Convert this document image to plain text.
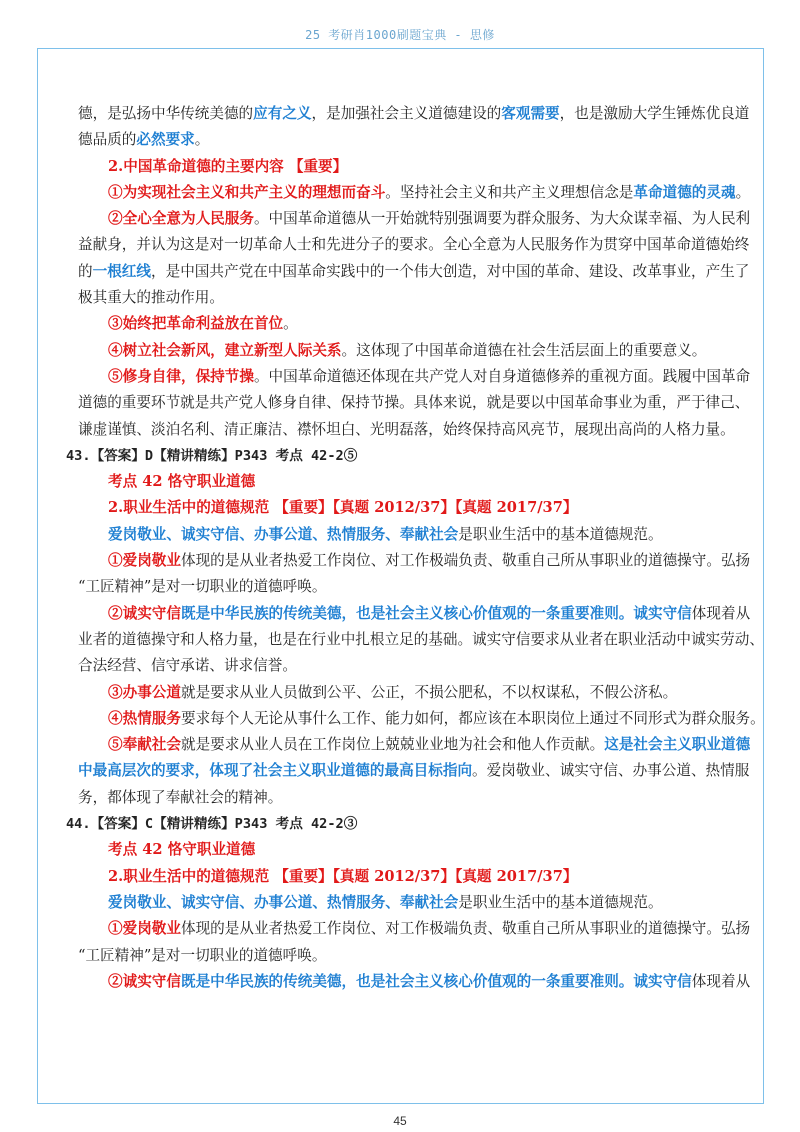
25 考研肖1000刷题宝典 - 思修
德，是弘扬中华传统美德的应有之义，是加强社会主义道德建设的客观需要，也是激励大学生锤炼优良道
德品质的必然要求。
2.中国革命道德的主要内容 【重要】
①为实现社会主义和共产主义的理想而奋斗。坚持社会主义和共产主义理想信念是革命道德的灵魂。
②全心全意为人民服务。中国革命道德从一开始就特别强调要为群众服务、为大众谋幸福、为人民利
益献身，并认为这是对一切革命人士和先进分子的要求。全心全意为人民服务作为贯穿中国革命道德始终
的一根红线，是中国共产党在中国革命实践中的一个伟大创造，对中国的革命、建设、改革事业，产生了
极其重大的推动作用。
③始终把革命利益放在首位。
④树立社会新风，建立新型人际关系。这体现了中国革命道德在社会生活层面上的重要意义。
⑤修身自律，保持节操。中国革命道德还体现在共产党人对自身道德修养的重视方面。践履中国革命
道德的重要环节就是共产党人修身自律、保持节操。具体来说，就是要以中国革命事业为重，严于律己、
谦虚谨慎、淡泊名利、清正廉洁、襟怀坦白、光明磊落，始终保持高风亮节，展现出高尚的人格力量。
43.【答案】D【精讲精练】P343 考点 42-2⑤
考点 42 恪守职业道德
2.职业生活中的道德规范 【重要】【真题 2012/37】【真题 2017/37】
爱岗敬业、诚实守信、办事公道、热情服务、奉献社会是职业生活中的基本道德规范。
①爱岗敬业体现的是从业者热爱工作岗位、对工作极端负责、敬重自己所从事职业的道德操守。弘扬
“工匠精神”是对一切职业的道德呼唤。
②诚实守信既是中华民族的传统美德，也是社会主义核心价值观的一条重要准则。诚实守信体现着从
业者的道德操守和人格力量，也是在行业中扎根立足的基础。诚实守信要求从业者在职业活动中诚实劳动、
合法经营、信守承诺、讲求信誉。
③办事公道就是要求从业人员做到公平、公正，不损公肥私，不以权谋私，不假公济私。
④热情服务要求每个人无论从事什么工作、能力如何，都应该在本职岗位上通过不同形式为群众服务。
⑤奉献社会就是要求从业人员在工作岗位上兢兢业业地为社会和他人作贡献。这是社会主义职业道德
中最高层次的要求，体现了社会主义职业道德的最高目标指向。爱岗敬业、诚实守信、办事公道、热情服
务，都体现了奉献社会的精神。
44.【答案】C【精讲精练】P343 考点 42-2③
考点 42 恪守职业道德
2.职业生活中的道德规范 【重要】【真题 2012/37】【真题 2017/37】
爱岗敬业、诚实守信、办事公道、热情服务、奉献社会是职业生活中的基本道德规范。
①爱岗敬业体现的是从业者热爱工作岗位、对工作极端负责、敬重自己所从事职业的道德操守。弘扬
“工匠精神”是对一切职业的道德呼唤。
②诚实守信既是中华民族的传统美德，也是社会主义核心价值观的一条重要准则。诚实守信体现着从
45
